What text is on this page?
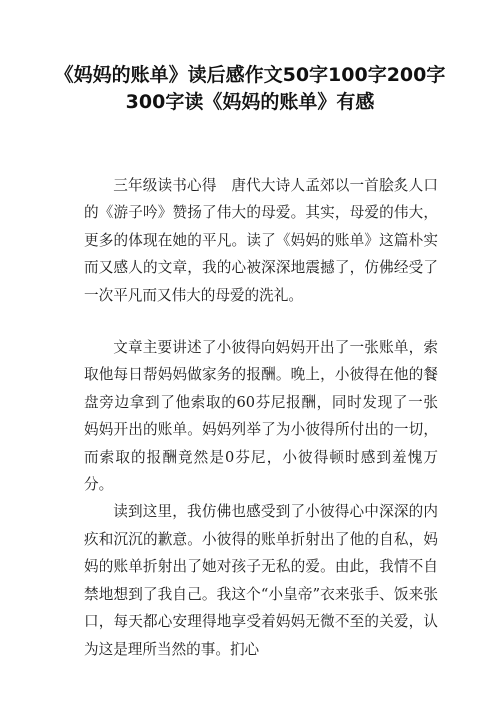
《妈妈的账单》读后感作文50字100字200字300字读《妈妈的账单》有感

三年级读书心得　唐代大诗人孟郊以一首脍炙人口的《游子吟》赞扬了伟大的母爱。其实，母爱的伟大，更多的体现在她的平凡。读了《妈妈的账单》这篇朴实而又感人的文章，我的心被深深地震撼了，仿佛经受了一次平凡而又伟大的母爱的洗礼。

文章主要讲述了小彼得向妈妈开出了一张账单，索取他每日帮妈妈做家务的报酬。晚上，小彼得在他的餐盘旁边拿到了他索取的60芬尼报酬，同时发现了一张妈妈开出的账单。妈妈列举了为小彼得所付出的一切，而索取的报酬竟然是0芬尼，小彼得顿时感到羞愧万分。

读到这里，我仿佛也感受到了小彼得心中深深的内疚和沉沉的歉意。小彼得的账单折射出了他的自私，妈妈的账单折射出了她对孩子无私的爱。由此，我情不自禁地想到了我自己。我这个“小皇帝”衣来张手、饭来张口，每天都心安理得地享受着妈妈无微不至的关爱，认为这是理所当然的事。扪心
